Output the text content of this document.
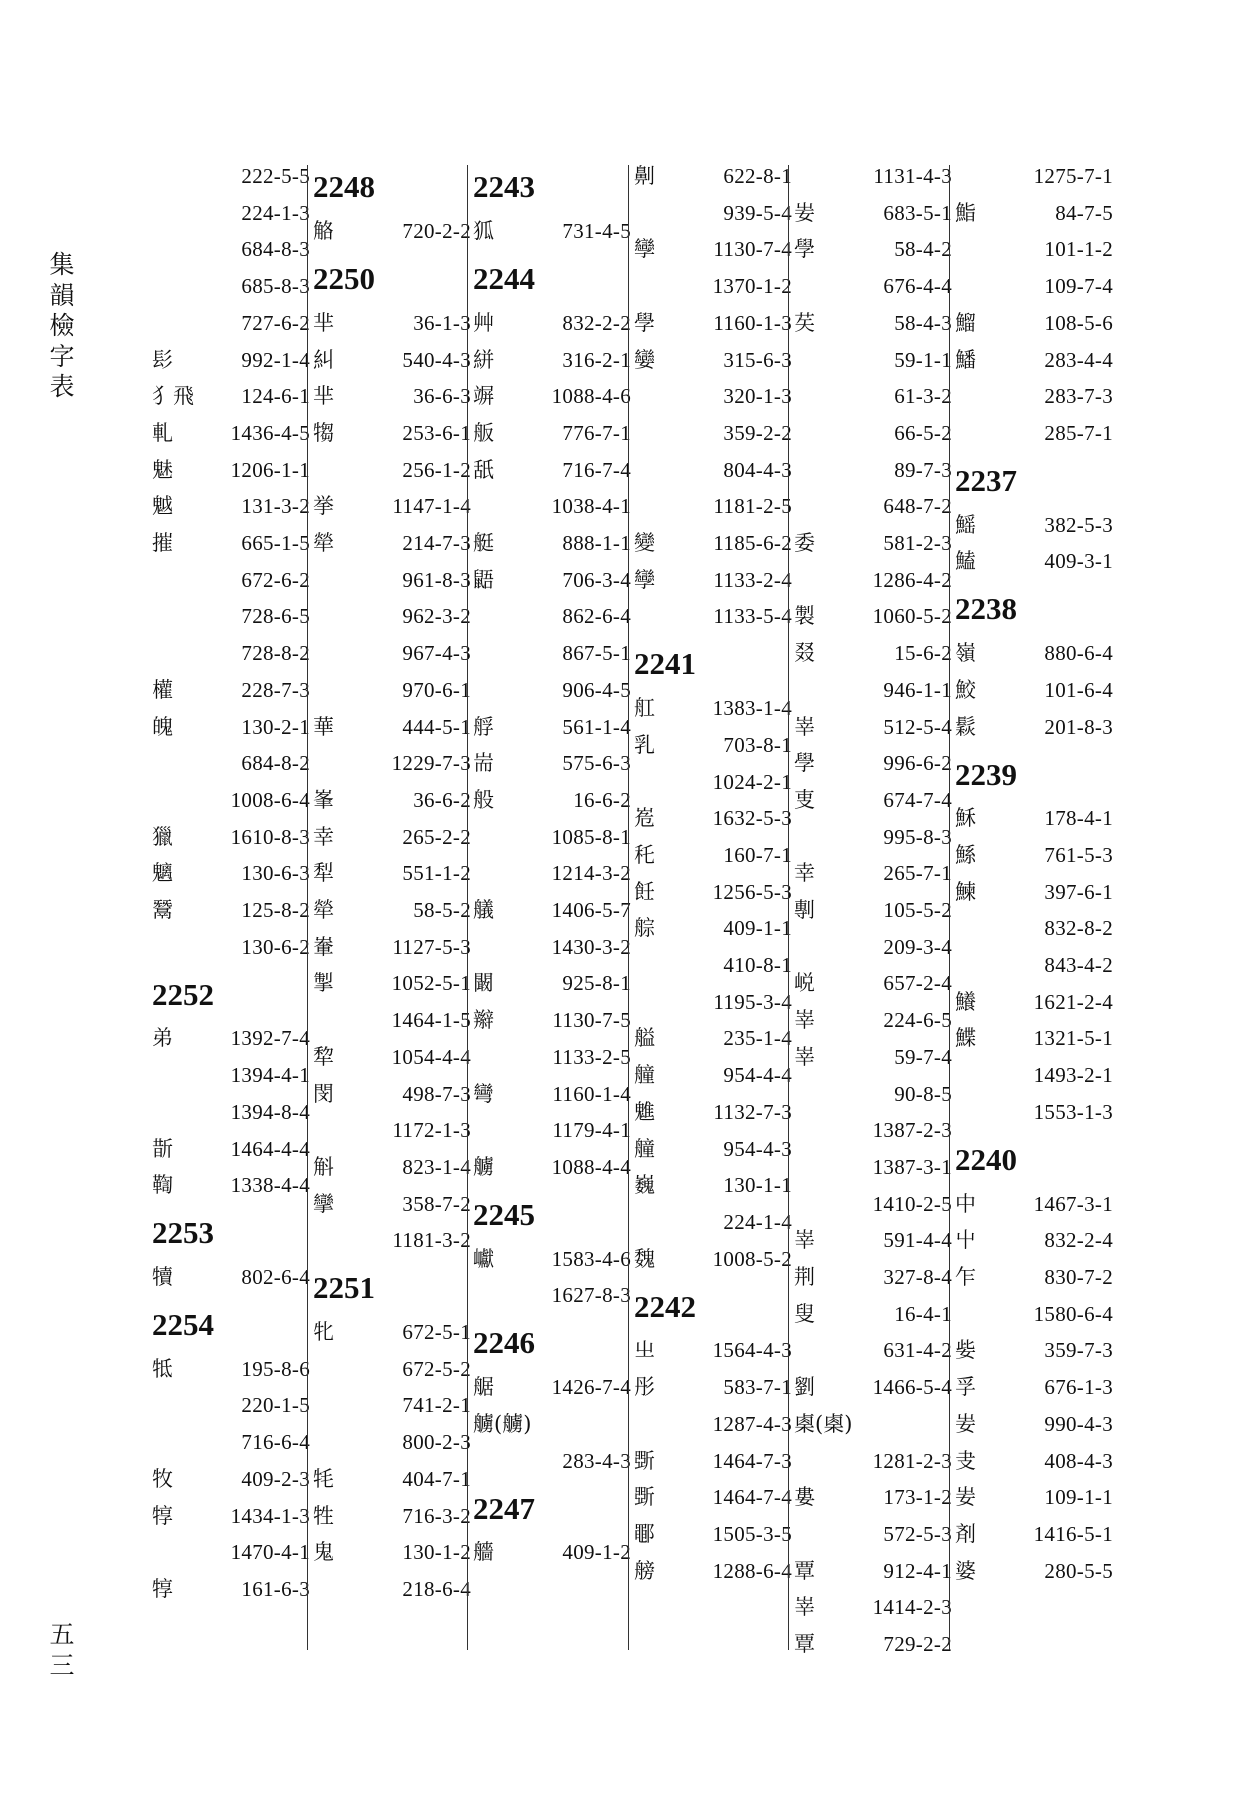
集韻檢字表
222-5-5
224-1-3
684-8-3
685-8-3
727-6-2
髟	992-1-4
犭飛 124-6-1
軋	1436-4-5
魅	1206-1-1
魆	131-3-2
摧	665-1-5
672-6-2
728-6-5
728-8-2
權	228-7-3
魄	130-2-1
684-8-2
1008-6-4
獵	1610-8-3
魑	130-6-3
鬵	125-8-2
130-6-2
2252
弟	1392-7-4
1394-4-1
1394-8-4
斮	1464-4-4
鞫	1338-4-4
2253
犢	802-6-4
2254
牴	195-8-6
220-1-5
716-6-4
牧	409-2-3
犉	1434-1-3
1470-4-1
犉	161-6-3
2248
觡	720-2-2
2250
芈	36-1-3
糾	540-4-3
芈	36-6-3
犓	253-6-1
256-1-2
挙	1147-1-4
犖	214-7-3
961-8-3
962-3-2
967-4-3
970-6-1
華	444-5-1
1229-7-3
峯	36-6-2
幸	265-2-2
犁	551-1-2
犖	58-5-2
輋	1127-5-3
掣	1052-5-1
1464-1-5
犂	1054-4-4
閔	498-7-3
1172-1-3
斛	823-1-4
攣	358-7-2
1181-3-2
2251
牝	672-5-1
672-5-2
741-2-1
800-2-3
牦	404-7-1
牲	716-3-2
鬼	130-1-2
218-6-4
2243
狐	731-4-5
2244
艸	832-2-2
絣	316-2-1
竮	1088-4-6
舨	776-7-1
舐	716-7-4
1038-4-1
艇	888-1-1
鼯	706-3-4
862-6-4
867-5-1
906-4-5
艀	561-1-4
耑	575-6-3
般	16-6-2
1085-8-1
1214-3-2
艤	1406-5-7
1430-3-2
闞	925-8-1
辮	1130-7-5
1133-2-5
彎	1160-1-4
1179-4-1
艣	1088-4-4
2245
巘	1583-4-6
1627-8-3
2246
艍	1426-7-4
艣(艣)
283-4-3
2247
艢	409-1-2
劓	622-8-1
939-5-4
孿	1130-7-4
1370-1-2
學	1160-1-3
孌	315-6-3
320-1-3
359-2-2
804-4-3
1181-2-5
變	1185-6-2
孿	1133-2-4
1133-5-4
2241
舡	1383-1-4
乳	703-8-1
1024-2-1
峞	1632-5-3
秅	160-7-1
飪	1256-5-3
䑸	409-1-1
410-8-1
1195-3-4
艗	235-1-4
艟	954-4-4
魋	1132-7-3
艟	954-4-3
巍	130-1-1
224-1-4
魏	1008-5-2
2242
㞢	1564-4-3
彤	583-7-1
1287-4-3
斲	1464-7-3
斲	1464-7-4
鄳	1505-3-5
艕	1288-6-4
1131-4-3
妛	683-5-1
學	58-4-2
676-4-4
䒨	58-4-3
59-1-1
61-3-2
66-5-2
89-7-3
648-7-2
委	581-2-3
1286-4-2
製	1060-5-2
叕	15-6-2
946-1-1
峷	512-5-4
學	996-6-2
叓	674-7-4
995-8-3
幸	265-7-1
剸	105-5-2
209-3-4
㟋	657-2-4
峷	224-6-5
峷	59-7-4
90-8-5
1387-2-3
1387-3-1
1410-2-5
峷	591-4-4
荆	327-8-4
叟	16-4-1
631-4-2
劉	1466-5-4
㮚(㮚)
1281-2-3
婁	173-1-2
572-5-3
覃	912-4-1
峷	1414-2-3
覃	729-2-2
1275-7-1
鮨	84-7-5
101-1-2
109-7-4
鰡	108-5-6
鱕	283-4-4
283-7-3
285-7-1
2237
鰩	382-5-3
鰪	409-3-1
2238
嶺	880-6-4
鮫	101-6-4
鬏	201-8-3
2239
穌	178-4-1
鯀	761-5-3
鰊	397-6-1
832-8-2
843-4-2
鱶	1621-2-4
鰈	1321-5-1
1493-2-1
1553-1-3
2240
中	1467-3-1
屮	832-2-4
乍	830-7-2
1580-6-4
姕	359-7-3
孚	676-1-3
妛	990-4-3
叏	408-4-3
妛	109-1-1
剤	1416-5-1
婆	280-5-5
五三
